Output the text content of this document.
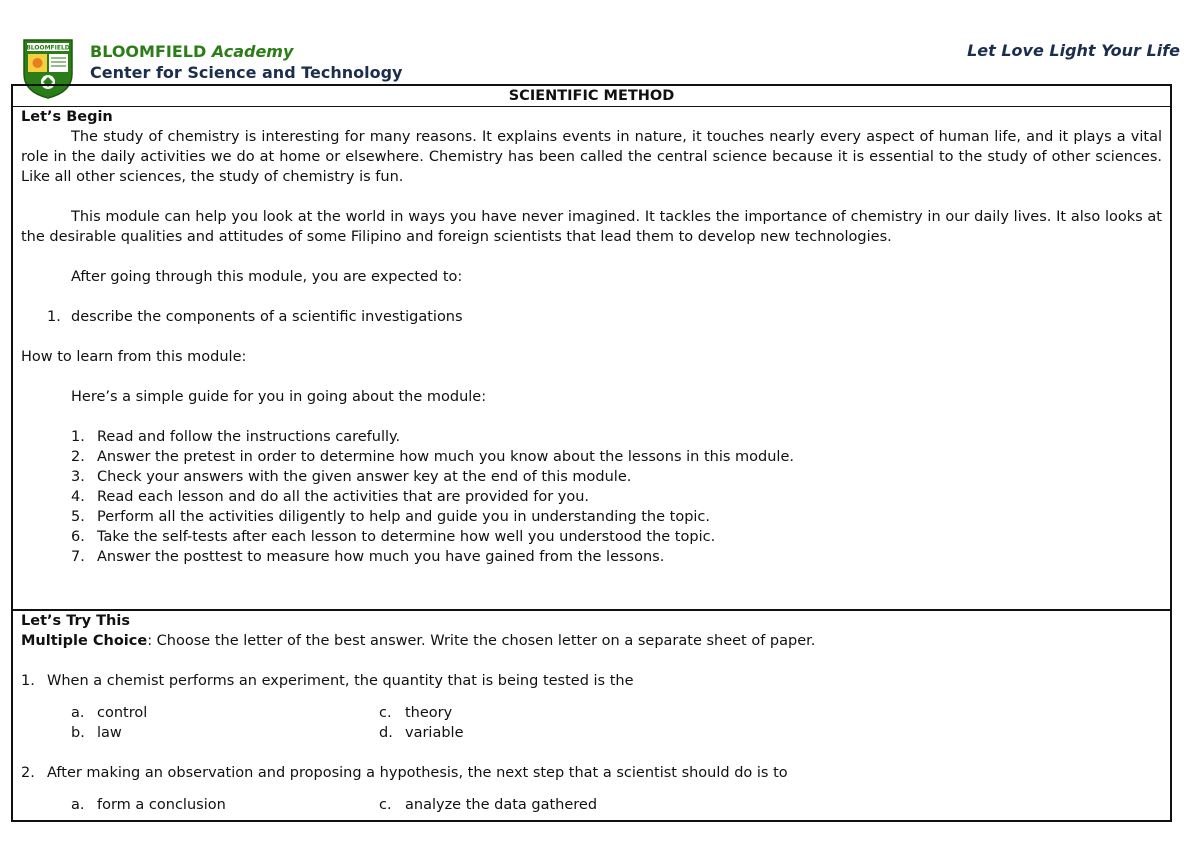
BLOOMFIELD BLOOMFIELD Academy
Center for Science and Technology
Let Love Light Your Life
SCIENTIFIC METHOD

Let’s Begin

The study of chemistry is interesting for many reasons. It explains events in nature, it touches nearly every aspect of human life, and it plays a vital role in the daily activities we do at home or elsewhere. Chemistry has been called the central science because it is essential to the study of other sciences. Like all other sciences, the study of chemistry is fun.

This module can help you look at the world in ways you have never imagined. It tackles the importance of chemistry in our daily lives. It also looks at the desirable qualities and attitudes of some Filipino and foreign scientists that lead them to develop new technologies.

After going through this module, you are expected to:

1. describe the components of a scientific investigations

How to learn from this module:

Here’s a simple guide for you in going about the module:

1. Read and follow the instructions carefully.
2. Answer the pretest in order to determine how much you know about the lessons in this module.
3. Check your answers with the given answer key at the end of this module.
4. Read each lesson and do all the activities that are provided for you.
5. Perform all the activities diligently to help and guide you in understanding the topic.
6. Take the self-tests after each lesson to determine how well you understood the topic.
7. Answer the posttest to measure how much you have gained from the lessons.

Let’s Try This

Multiple Choice: Choose the letter of the best answer. Write the chosen letter on a separate sheet of paper.

1. When a chemist performs an experiment, the quantity that is being tested is the

a. control
b. law
c. theory
d. variable

2. After making an observation and proposing a hypothesis, the next step that a scientist should do is to

a. form a conclusion	c. analyze the data gathered
